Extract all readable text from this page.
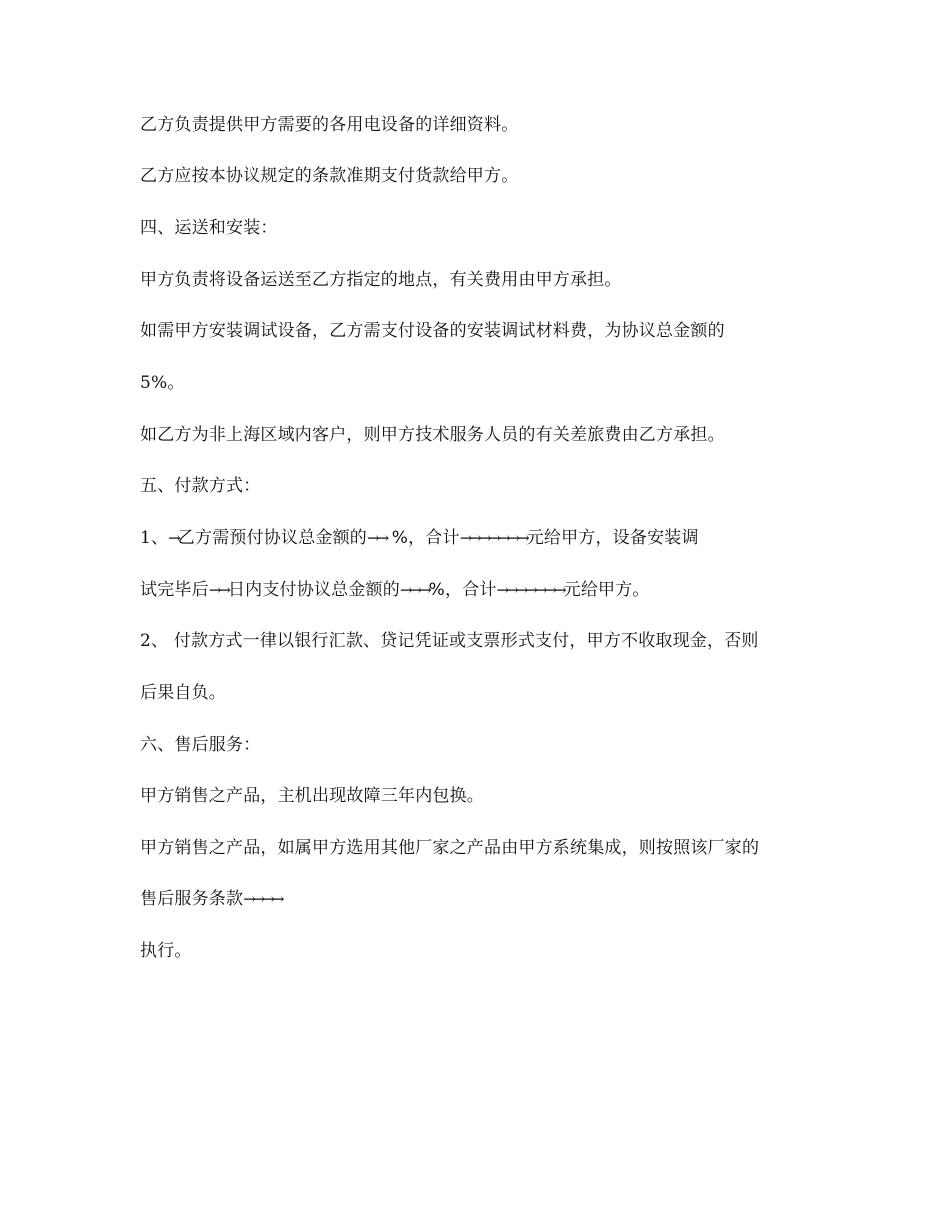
乙方负责提供甲方需要的各用电设备的详细资料。
乙方应按本协议规定的条款准期支付货款给甲方。
四、运送和安装：
甲方负责将设备运送至乙方指定的地点，有关费用由甲方承担。
如需甲方安装调试设备，乙方需支付设备的安装调试材料费，为协议总金额的
5%。
如乙方为非上海区域内客户，则甲方技术服务人员的有关差旅费由乙方承担。
五、付款方式：
1、→乙方需预付协议总金额的→→ %，合计→→→→→→→元给甲方，设备安装调
试完毕后→→日内支付协议总金额的→→→%，合计→→→→→→→元给甲方。
2、 付款方式一律以银行汇款、贷记凭证或支票形式支付，甲方不收取现金，否则
后果自负。
六、售后服务：
甲方销售之产品，主机出现故障三年内包换。
甲方销售之产品，如属甲方选用其他厂家之产品由甲方系统集成，则按照该厂家的
售后服务条款→→→→
执行。
